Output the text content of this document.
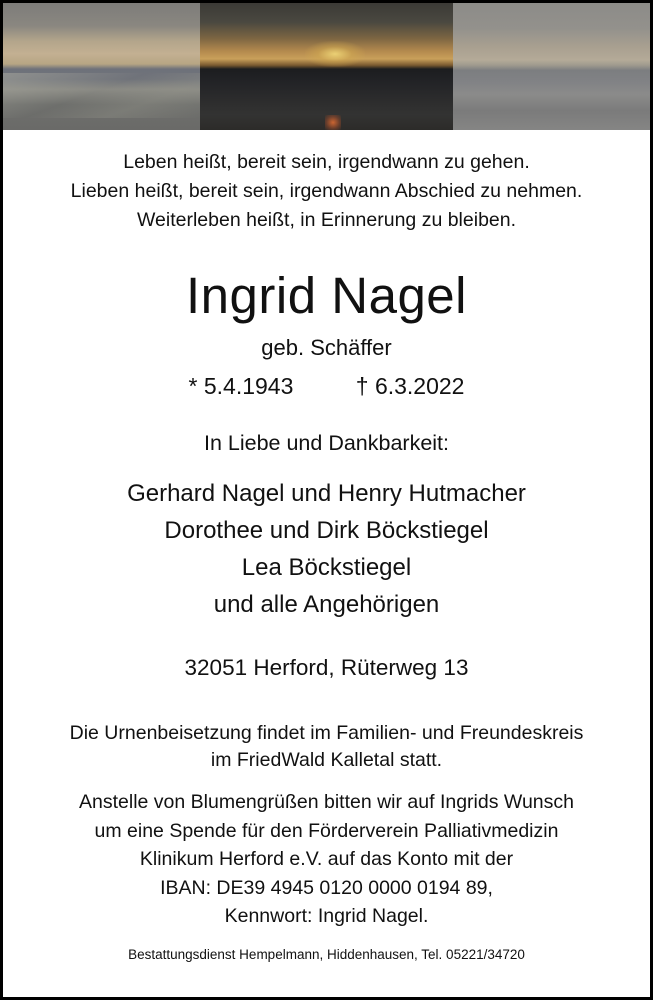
Leben heißt, bereit sein, irgendwann zu gehen.
Lieben heißt, bereit sein, irgendwann Abschied zu nehmen.
Weiterleben heißt, in Erinnerung zu bleiben.
Ingrid Nagel
geb. Schäffer
* 5.4.1943	† 6.3.2022
In Liebe und Dankbarkeit:
Gerhard Nagel und Henry Hutmacher
Dorothee und Dirk Böckstiegel
Lea Böckstiegel
und alle Angehörigen
32051 Herford, Rüterweg 13
Die Urnenbeisetzung findet im Familien- und Freundeskreis
im FriedWald Kalletal statt.
Anstelle von Blumengrüßen bitten wir auf Ingrids Wunsch
um eine Spende für den Förderverein Palliativmedizin
Klinikum Herford e.V. auf das Konto mit der
IBAN: DE39 4945 0120 0000 0194 89,
Kennwort: Ingrid Nagel.
Bestattungsdienst Hempelmann, Hiddenhausen, Tel. 05221/34720
